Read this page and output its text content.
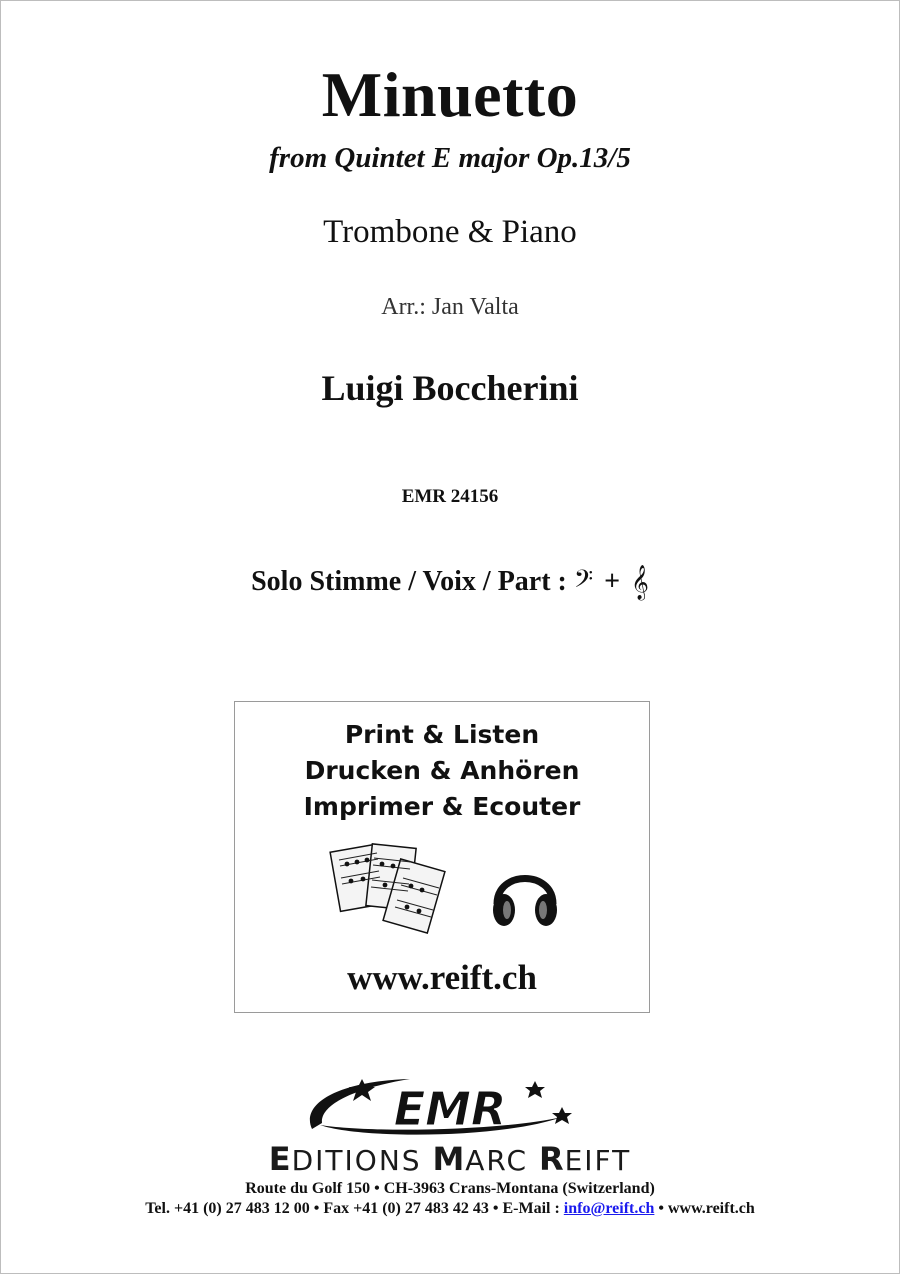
Minuetto
from Quintet E major Op.13/5
Trombone & Piano
Arr.: Jan Valta
Luigi Boccherini
EMR 24156
Solo Stimme / Voix / Part : 𝄢 + 𝄞
Print & Listen
Drucken & Anhören
Imprimer & Ecouter
www.reift.ch
EMR
EDITIONS MARC REIFT
Route du Golf 150 • CH-3963 Crans-Montana (Switzerland)
Tel. +41 (0) 27 483 12 00 • Fax +41 (0) 27 483 42 43 • E-Mail : info@reift.ch • www.reift.ch
